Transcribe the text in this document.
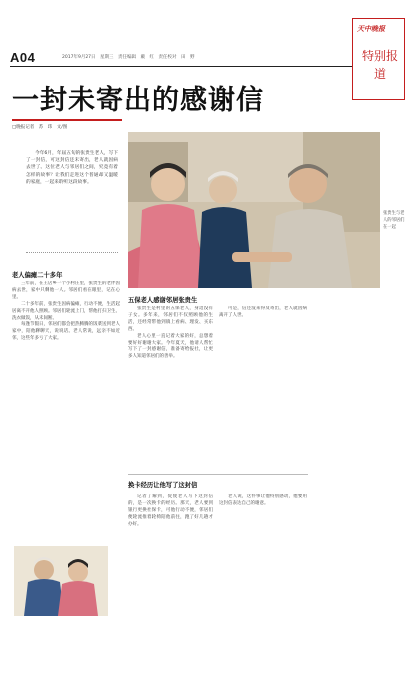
A04	2017年9月27日　星期三　责任编辑　戴　红　责任校对　田　野
天中晚报
特别报道
一封未寄出的感谢信
□晚报记者　苏　玮　文/图

今年6月，年届五旬的张贵生老人，写下了一封信，可这封信还未寄出，老人就因病去世了。这位老人与邻居们之间，究竟有着怎样的故事？让我们走进这个普通却又温暖的家庭，一起来聆听这段故事。

张贵生与老人的邻居们在一起
老人偏瘫二十多年

三年前，在王店乡一个小村庄里，张贵生的老伴因病去世，家中只剩他一人。邻居们看在眼里，记在心里。

二十多年前，张贵生因病偏瘫，行动不便，生活起居离不开他人照顾。邻居们轮流上门，帮他打扫卫生、洗衣做饭，从未间断。

每逢节假日，邻居们都会把热腾腾的饭菜送到老人家中，陪他聊聊天，说说话。老人常说，远亲不如近邻，这些年多亏了大家。

五保老人感谢邻居张贵生

张贵生是村里的五保老人，身边没有子女。多年来，邻居们不仅照顾他的生活，还经常带他到镇上看病、理发、买东西。

老人心里一直记着大家的好，总想着要好好谢谢大家。今年夏天，他请人帮忙写下了一封感谢信，准备寄给报社，让更多人知道邻居们的善举。

可是，信还没来得及寄出，老人就因病离开了人世。

换卡经历让他写了这封信

记者了解到，促使老人写下这封信的，是一次换卡的经历。那天，老人要到银行更换社保卡，可他行动不便，邻居们便轮流推着轮椅陪他前往，跑了好几趟才办好。

老人说，这件事让他特别感动，他要用这封信表达自己的谢意。
